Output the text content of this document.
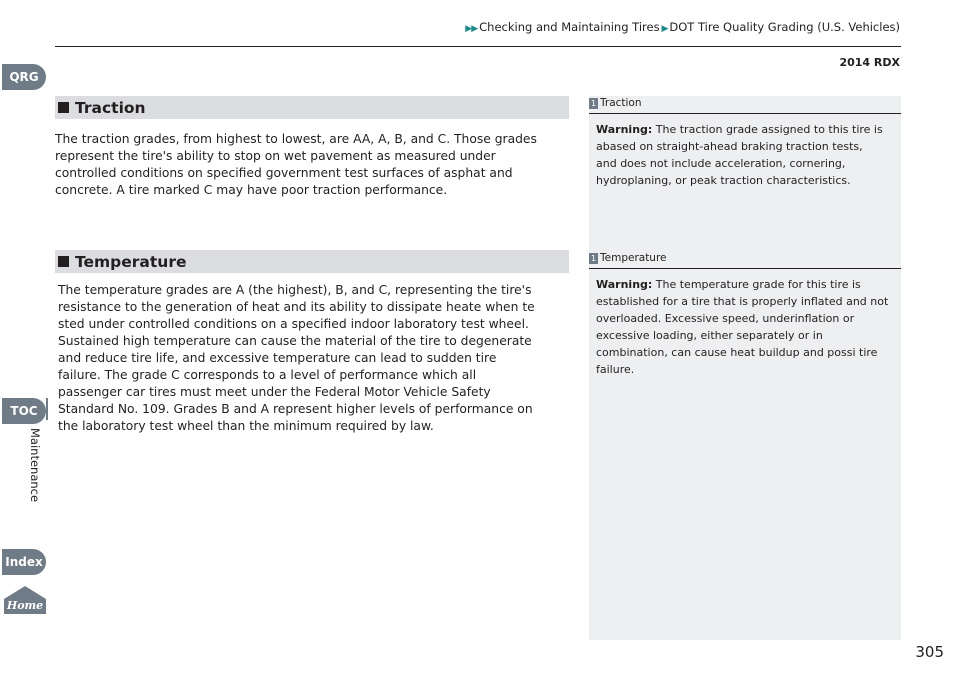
▶▶ Checking and Maintaining Tires ▶ DOT Tire Quality Grading (U.S. Vehicles)
2014 RDX
QRG
TOC
Maintenance
Index
Home
Traction
The traction grades, from highest to lowest, are AA, A, B, and C. Those grades represent the tire's ability to stop on wet pavement as measured under controlled conditions on specified government test surfaces of asphat and concrete. A tire marked C may have poor traction performance.
Temperature
The temperature grades are A (the highest), B, and C, representing the tire's resistance to the generation of heat and its ability to dissipate heate when te sted under controlled conditions on a specified indoor laboratory test wheel. Sustained high temperature can cause the material of the tire to degenerate and reduce tire life, and excessive temperature can lead to sudden tire failure. The grade C corresponds to a level of performance which all passenger car tires must meet under the Federal Motor Vehicle Safety Standard No. 109. Grades B and A represent higher levels of performance on the laboratory test wheel than the minimum required by law.
1 Traction
Warning: The traction grade assigned to this tire is abased on straight-ahead braking traction tests,
and does not include acceleration, cornering, hydroplaning, or peak traction characteristics.
1 Temperature
Warning: The temperature grade for this tire is established for a tire that is properly inflated and not overloaded. Excessive speed, underinflation or excessive loading, either separately or in combination, can cause heat buildup and possi tire failure.
305
